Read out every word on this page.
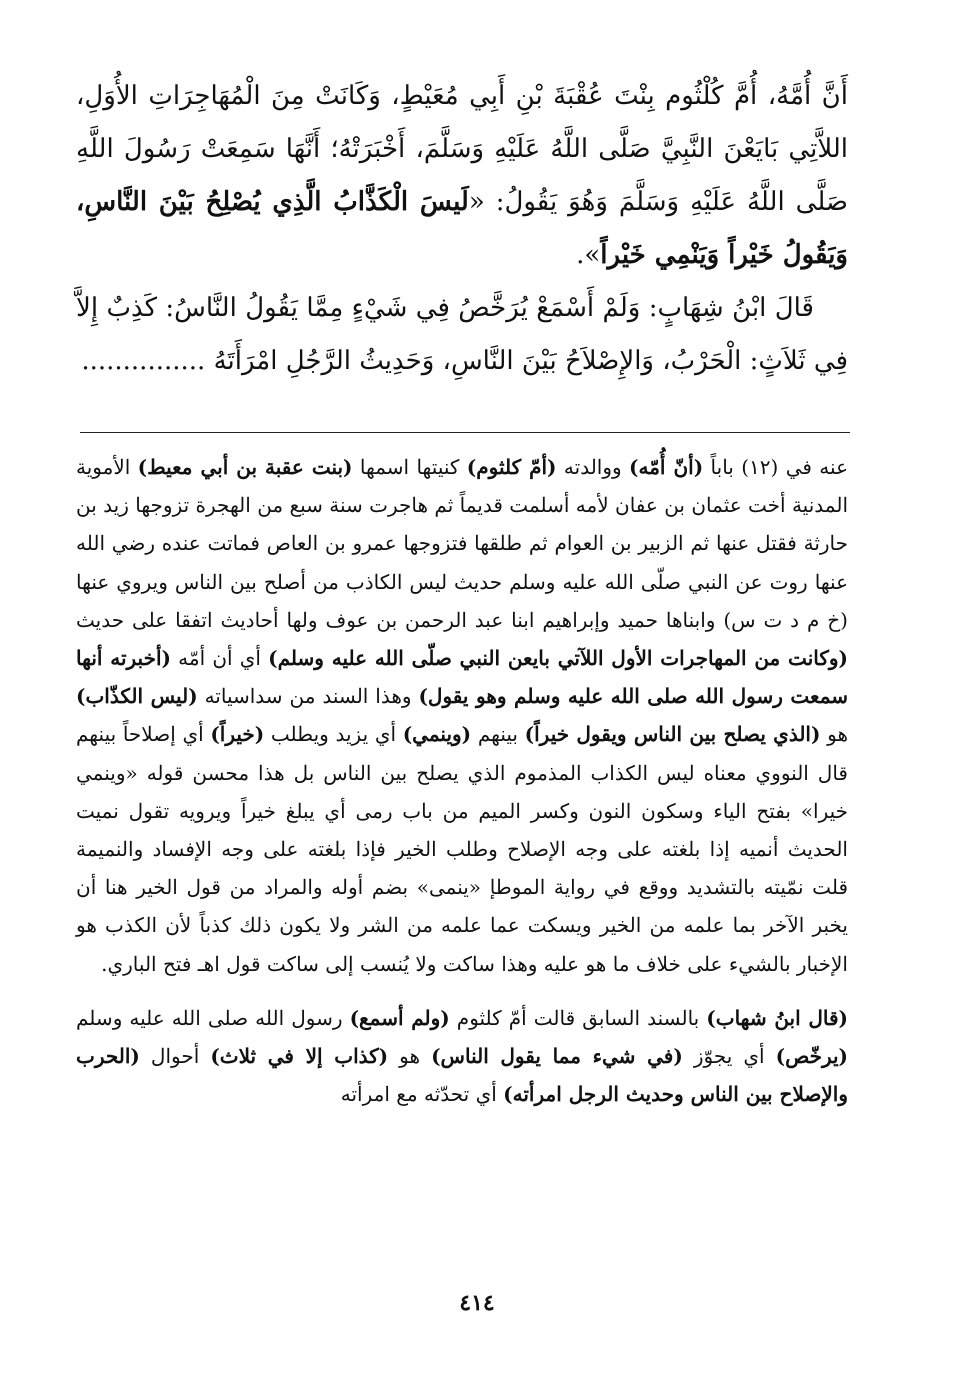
أَنَّ أُمَّهُ، أُمَّ كُلْثُوم بِنْتَ عُقْبَةَ بْنِ أَبِي مُعَيْطٍ، وَكَانَتْ مِنَ الْمُهَاجِرَاتِ الأُوَلِ، اللاَّتِي بَايَعْنَ النَّبِيَّ صَلَّى اللَّهُ عَلَيْهِ وَسَلَّمَ، أَخْبَرَتْهُ؛ أَنَّهَا سَمِعَتْ رَسُولَ اللَّهِ صَلَّى اللَّهُ عَلَيْهِ وَسَلَّمَ وَهُوَ يَقُولُ: «لَيسَ الْكَذَّابُ الَّذِي يُصْلِحُ بَيْنَ النَّاسِ، وَيَقُولُ خَيْراً وَيَنْمِي خَيْراً».

قَالَ ابْنُ شِهَابٍ: وَلَمْ أَسْمَعْ يُرَخَّصُ فِي شَيْءٍ مِمَّا يَقُولُ النَّاسُ: كَذِبٌ إِلاَّ فِي ثَلاَثٍ: الْحَرْبُ، وَالإِصْلاَحُ بَيْنَ النَّاسِ، وَحَدِيثُ الرَّجُلِ امْرَأَتَهُ ...............

عنه في (١٢) باباً (أنّ أُمّه) ووالدته (أمّ كلثوم) كنيتها اسمها (بنت عقبة بن أبي معيط) الأموية المدنية أخت عثمان بن عفان لأمه أسلمت قديماً ثم هاجرت سنة سبع من الهجرة تزوجها زيد بن حارثة فقتل عنها ثم الزبير بن العوام ثم طلقها فتزوجها عمرو بن العاص فماتت عنده رضي الله عنها روت عن النبي صلّى الله عليه وسلم حديث ليس الكاذب من أصلح بين الناس ويروي عنها (خ م د ت س) وابناها حميد وإبراهيم ابنا عبد الرحمن بن عوف ولها أحاديث اتفقا على حديث (وكانت من المهاجرات الأول اللآتي بايعن النبي صلّى الله عليه وسلم) أي أن أمّه (أخبرته أنها سمعت رسول الله صلى الله عليه وسلم وهو يقول) وهذا السند من سداسياته (ليس الكذّاب) هو (الذي يصلح بين الناس ويقول خيراً) بينهم (وينمي) أي يزيد ويطلب (خيراً) أي إصلاحاً بينهم قال النووي معناه ليس الكذاب المذموم الذي يصلح بين الناس بل هذا محسن قوله «وينمي خيرا» بفتح الياء وسكون النون وكسر الميم من باب رمى أي يبلغ خيراً ويرويه تقول نميت الحديث أنميه إذا بلغته على وجه الإصلاح وطلب الخير فإذا بلغته على وجه الإفساد والنميمة قلت نمّيته بالتشديد ووقع في رواية الموطإ «ينمى» بضم أوله والمراد من قول الخير هنا أن يخبر الآخر بما علمه من الخير ويسكت عما علمه من الشر ولا يكون ذلك كذباً لأن الكذب هو الإخبار بالشيء على خلاف ما هو عليه وهذا ساكت ولا يُنسب إلى ساكت قول اهـ فتح الباري.

(قال ابنُ شهاب) بالسند السابق قالت أمّ كلثوم (ولم أسمع) رسول الله صلى الله عليه وسلم (يرخّص) أي يجوّز (في شيء مما يقول الناس) هو (كذاب إلا في ثلاث) أحوال (الحرب والإصلاح بين الناس وحديث الرجل امرأته) أي تحدّثه مع امرأته

٤١٤
